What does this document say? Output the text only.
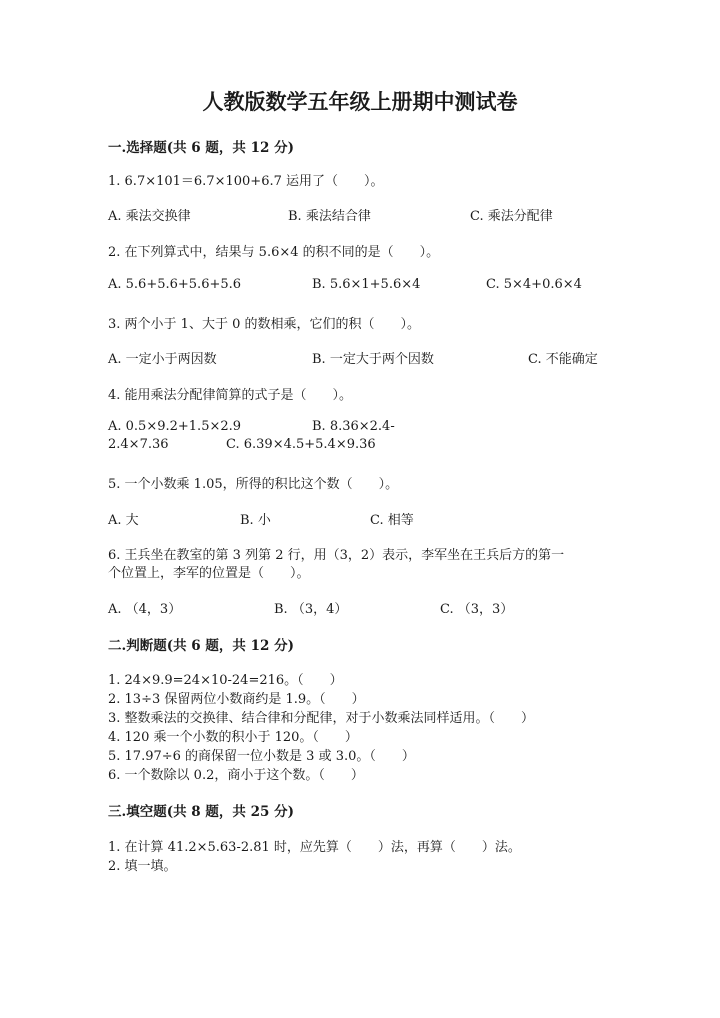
人教版数学五年级上册期中测试卷
一.选择题(共 6 题，共 12 分)
1. 6.7×101＝6.7×100+6.7 运用了（　　）。
A. 乘法交换律	B. 乘法结合律	C. 乘法分配律
2. 在下列算式中，结果与 5.6×4 的积不同的是（　　）。
A. 5.6+5.6+5.6+5.6	B. 5.6×1+5.6×4	C. 5×4+0.6×4
3. 两个小于 1、大于 0 的数相乘，它们的积（　　）。
A. 一定小于两因数	B. 一定大于两个因数	C. 不能确定
4. 能用乘法分配律简算的式子是（　　）。
A. 0.5×9.2+1.5×2.9	B. 8.36×2.4-
2.4×7.36	C. 6.39×4.5+5.4×9.36
5. 一个小数乘 1.05，所得的积比这个数（　　）。
A. 大	B. 小	C. 相等
6. 王兵坐在教室的第 3 列第 2 行，用（3，2）表示，李军坐在王兵后方的第一
个位置上，李军的位置是（　　）。
A. （4，3）	B. （3，4）	C. （3，3）
二.判断题(共 6 题，共 12 分)
1. 24×9.9=24×10-24=216。（　　）
2. 13÷3 保留两位小数商约是 1.9。（　　）
3. 整数乘法的交换律、结合律和分配律，对于小数乘法同样适用。（　　）
4. 120 乘一个小数的积小于 120。（　　）
5. 17.97÷6 的商保留一位小数是 3 或 3.0。（　　）
6. 一个数除以 0.2，商小于这个数。（　　）
三.填空题(共 8 题，共 25 分)
1. 在计算 41.2×5.63-2.81 时，应先算（　　）法，再算（　　）法。
2. 填一填。
